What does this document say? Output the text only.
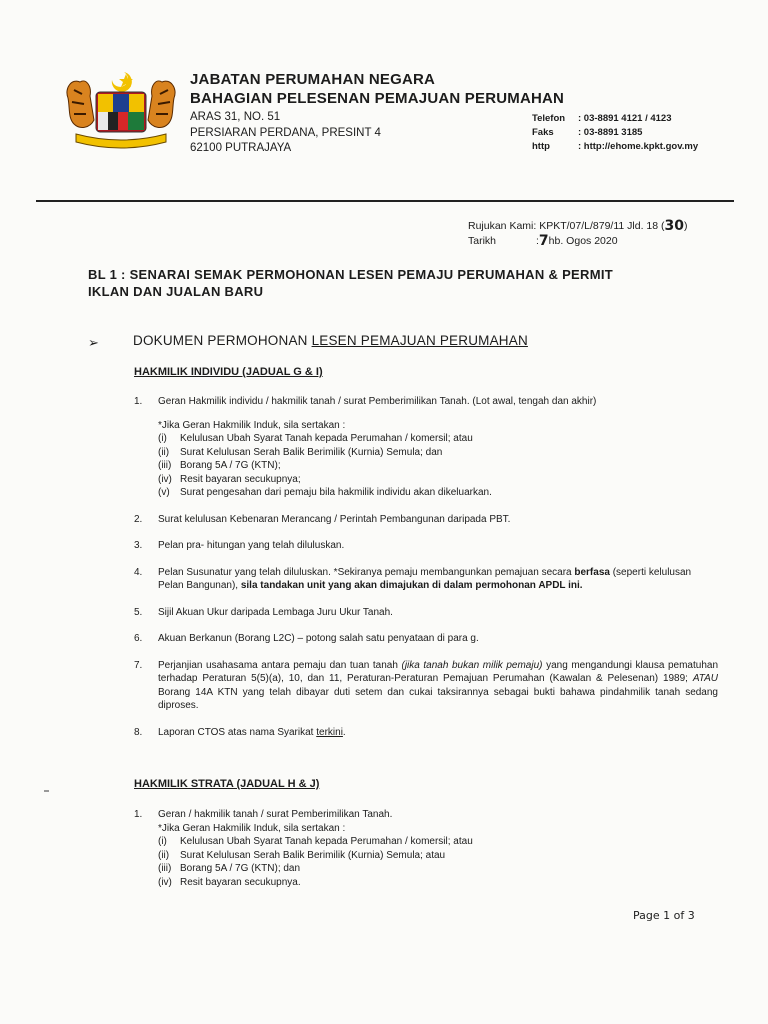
JABATAN PERUMAHAN NEGARA
BAHAGIAN PELESENAN PEMAJUAN PERUMAHAN
ARAS 31, NO. 51
PERSIARAN PERDANA, PRESINT 4
62100 PUTRAJAYA
Telefon	: 03-8891 4121 / 4123
Faks	: 03-8891 3185
http	: http://ehome.kpkt.gov.my
Rujukan Kami : KPKT/07/L/879/11 Jld. 18 ( 30 )
Tarikh	: 7 hb. Ogos 2020
BL 1 : SENARAI SEMAK PERMOHONAN LESEN PEMAJU PERUMAHAN & PERMIT
IKLAN DAN JUALAN BARU
➢	DOKUMEN PERMOHONAN LESEN PEMAJUAN PERUMAHAN
HAKMILIK INDIVIDU (JADUAL G & I)
1.	Geran Hakmilik individu / hakmilik tanah / surat Pemberimilikan Tanah. (Lot awal, tengah dan akhir)
*Jika Geran Hakmilik Induk, sila sertakan :
(i)	Kelulusan Ubah Syarat Tanah kepada Perumahan / komersil; atau
(ii)	Surat Kelulusan Serah Balik Berimilik (Kurnia) Semula; dan
(iii) Borang 5A / 7G (KTN);
(iv) Resit bayaran secukupnya;
(v)	Surat pengesahan dari pemaju bila hakmilik individu akan dikeluarkan.
2.	Surat kelulusan Kebenaran Merancang / Perintah Pembangunan daripada PBT.
3.	Pelan pra- hitungan yang telah diluluskan.
4.	Pelan Susunatur yang telah diluluskan. *Sekiranya pemaju membangunkan pemajuan secara berfasa (seperti kelulusan Pelan Bangunan), sila tandakan unit yang akan dimajukan di dalam permohonan APDL ini.
5.	Sijil Akuan Ukur daripada Lembaga Juru Ukur Tanah.
6.	Akuan Berkanun (Borang L2C) – potong salah satu penyataan di para g.
7.	Perjanjian usahasama antara pemaju dan tuan tanah (jika tanah bukan milik pemaju) yang mengandungi klausa pematuhan terhadap Peraturan 5(5)(a), 10, dan 11, Peraturan-Peraturan Pemajuan Perumahan (Kawalan & Pelesenan) 1989; ATAU Borang 14A KTN yang telah dibayar duti setem dan cukai taksirannya sebagai bukti bahawa pindahmilik tanah sedang diproses.
8.	Laporan CTOS atas nama Syarikat terkini.
HAKMILIK STRATA (JADUAL H & J)
1.	Geran / hakmilik tanah / surat Pemberimilikan Tanah.
*Jika Geran Hakmilik Induk, sila sertakan :
(i)	Kelulusan Ubah Syarat Tanah kepada Perumahan / komersil; atau
(ii)	Surat Kelulusan Serah Balik Berimilik (Kurnia) Semula; atau
(iii) Borang 5A / 7G (KTN); dan
(iv) Resit bayaran secukupnya.
Page 1 of 3
